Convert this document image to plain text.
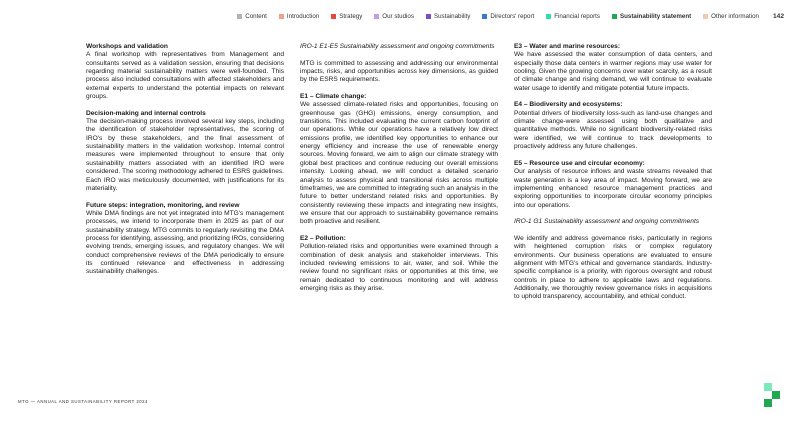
Content	Introduction	Strategy	Our studios	Sustainability	Directors' report	Financial reports	Sustainability statement	Other information 142

Workshops and validation

A final workshop with representatives from Management and consultants served as a validation session, ensuring that decisions regarding material sustainability matters were well-founded. This process also included consultations with affected stakeholders and external experts to understand the potential impacts on relevant groups.

Decision-making and internal controls

The decision-making process involved several key steps, including the identification of stakeholder representatives, the scoring of IRO's by these stakeholders, and the final assessment of sustainability matters in the validation workshop. Internal control measures were implemented throughout to ensure that only sustainability matters associated with an identified IRO were considered. The scoring methodology adhered to ESRS guidelines. Each IRO was meticulously documented, with justifications for its materiality.

Future steps: integration, monitoring, and review

While DMA findings are not yet integrated into MTG's management processes, we intend to incorporate them in 2025 as part of our sustainability strategy. MTG commits to regularly revisiting the DMA process for identifying, assessing, and prioritizing IROs, considering evolving trends, emerging issues, and regulatory changes. We will conduct comprehensive reviews of the DMA periodically to ensure its continued relevance and effectiveness in addressing sustainability challenges.

IRO-1 E1-E5 Sustainability assessment and ongoing commitments

MTG is committed to assessing and addressing our environmental impacts, risks, and opportunities across key dimensions, as guided by the ESRS requirements.

E1 – Climate change:

We assessed climate-related risks and opportunities, focusing on greenhouse gas (GHG) emissions, energy consumption, and transitions. This included evaluating the current carbon footprint of our operations. While our operations have a relatively low direct emissions profile, we identified key opportunities to enhance our energy efficiency and increase the use of renewable energy sources. Moving forward, we aim to align our climate strategy with global best practices and continue reducing our overall emissions intensity. Looking ahead, we will conduct a detailed scenario analysis to assess physical and transitional risks across multiple timeframes, we are committed to integrating such an analysis in the future to better understand related risks and opportunities. By consistently reviewing these impacts and integrating new insights, we ensure that our approach to sustainability governance remains both proactive and resilient.

E2 – Pollution:

Pollution-related risks and opportunities were examined through a combination of desk analysis and stakeholder interviews. This included reviewing emissions to air, water, and soil. While the review found no significant risks or opportunities at this time, we remain dedicated to continuous monitoring and will address emerging risks as they arise.

E3 – Water and marine resources:

We have assessed the water consumption of data centers, and especially those data centers in warmer regions may use water for cooling. Given the growing concerns over water scarcity, as a result of climate change and rising demand, we will continue to evaluate water usage to identify and mitigate potential future impacts.

E4 – Biodiversity and ecosystems:

Potential drivers of biodiversity loss-such as land-use changes and climate change-were assessed using both qualitative and quantitative methods. While no significant biodiversity-related risks were identified, we will continue to track developments to proactively address any future challenges.

E5 – Resource use and circular economy:

Our analysis of resource inflows and waste streams revealed that waste generation is a key area of impact. Moving forward, we are implementing enhanced resource management practices and exploring opportunities to incorporate circular economy principles into our operations.

IRO-1 G1 Sustainability assessment and ongoing commitments

We identify and address governance risks, particularly in regions with heightened corruption risks or complex regulatory environments. Our business operations are evaluated to ensure alignment with MTG's ethical and governance standards. Industry-specific compliance is a priority, with rigorous oversight and robust controls in place to adhere to applicable laws and regulations. Additionally, we thoroughly review governance risks in acquisitions to uphold transparency, accountability, and ethical conduct.

MTG — ANNUAL AND SUSTAINABILITY REPORT 2024
